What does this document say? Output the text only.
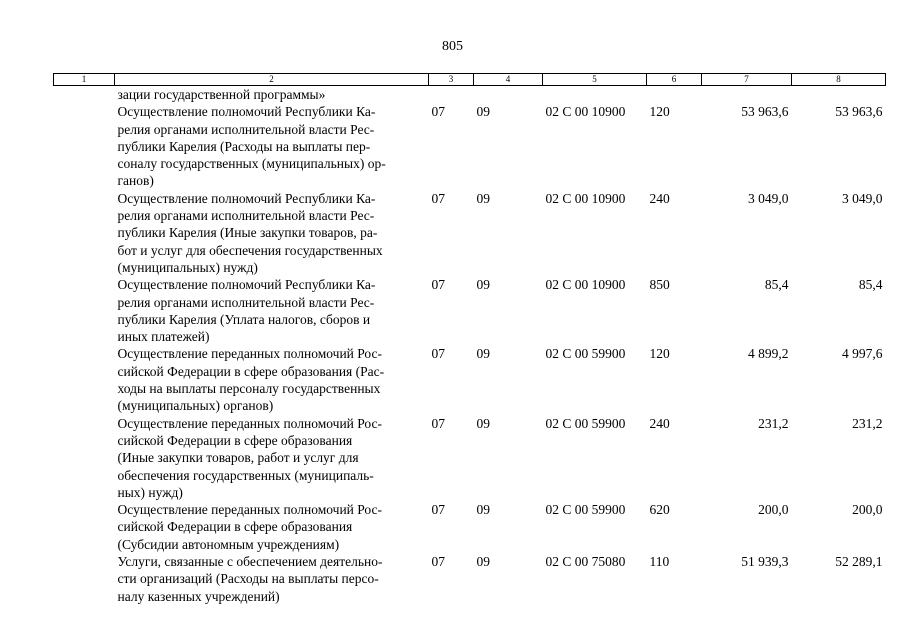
805
1	2	3	4	5	6	7	8

	зации государственной программы»						

	Осуществление полномочий Республики Ка-
релия органами исполнительной власти Рес-
публики Карелия (Расходы на выплаты пер-
соналу государственных (муниципальных) ор-
ганов)	07	09	02 С 00 10900	120	53 963,6	53 963,6

	Осуществление полномочий Республики Ка-
релия органами исполнительной власти Рес-
публики Карелия (Иные закупки товаров, ра-
бот и услуг для обеспечения государственных
(муниципальных) нужд)	07	09	02 С 00 10900	240	3 049,0	3 049,0

	Осуществление полномочий Республики Ка-
релия органами исполнительной власти Рес-
публики Карелия (Уплата налогов, сборов и
иных платежей)	07	09	02 С 00 10900	850	85,4	85,4

	Осуществление переданных полномочий Рос-
сийской Федерации в сфере образования (Рас-
ходы на выплаты персоналу государственных
(муниципальных) органов)	07	09	02 С 00 59900	120	4 899,2	4 997,6

	Осуществление переданных полномочий Рос-
сийской Федерации в сфере образования
(Иные закупки товаров, работ и услуг для
обеспечения государственных (муниципаль-
ных) нужд)	07	09	02 С 00 59900	240	231,2	231,2

	Осуществление переданных полномочий Рос-
сийской Федерации в сфере образования
(Субсидии автономным учреждениям)	07	09	02 С 00 59900	620	200,0	200,0

	Услуги, связанные с обеспечением деятельно-
сти организаций (Расходы на выплаты персо-
налу казенных учреждений)	07	09	02 С 00 75080	110	51 939,3	52 289,1
